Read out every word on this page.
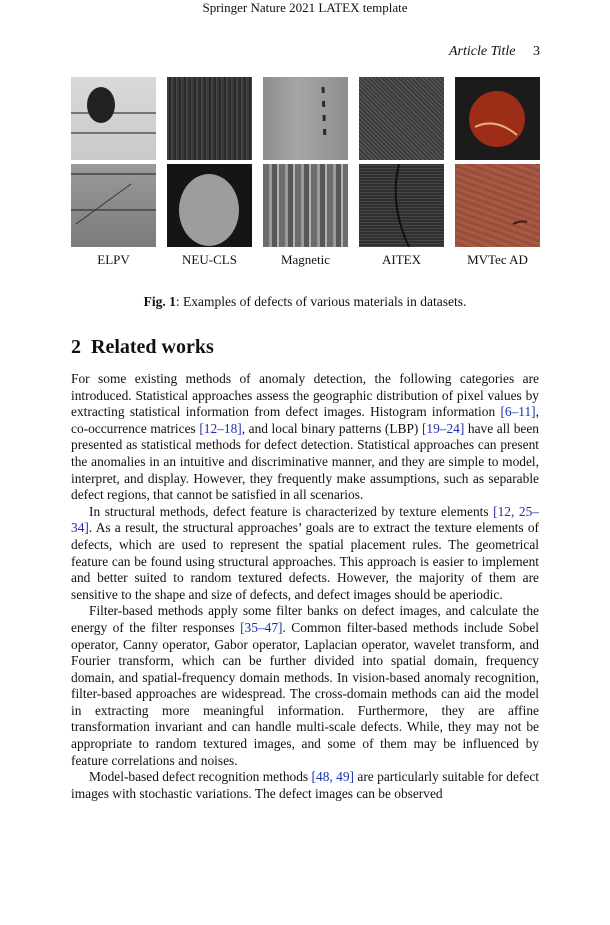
Springer Nature 2021 LATEX template
Article Title 3
ELPV	NEU-CLS	Magnetic	AITEX	MVTec AD
Fig. 1: Examples of defects of various materials in datasets.
2 Related works

For some existing methods of anomaly detection, the following categories are introduced. Statistical approaches assess the geographic distribution of pixel values by extracting statistical information from defect images. Histogram information [6–11], co-occurrence matrices [12–18], and local binary patterns (LBP) [19–24] have all been presented as statistical methods for defect detection. Statistical approaches can present the anomalies in an intuitive and discriminative manner, and they are simple to model, interpret, and display. However, they frequently make assumptions, such as separable defect regions, that cannot be satisfied in all scenarios.

In structural methods, defect feature is characterized by texture elements [12, 25–34]. As a result, the structural approaches’ goals are to extract the texture elements of defects, which are used to represent the spatial placement rules. The geometrical feature can be found using structural approaches. This approach is easier to implement and better suited to random textured defects. However, the majority of them are sensitive to the shape and size of defects, and defect images should be aperiodic.

Filter-based methods apply some filter banks on defect images, and calculate the energy of the filter responses [35–47]. Common filter-based methods include Sobel operator, Canny operator, Gabor operator, Laplacian operator, wavelet transform, and Fourier transform, which can be further divided into spatial domain, frequency domain, and spatial-frequency domain methods. In vision-based anomaly recognition, filter-based approaches are widespread. The cross-domain methods can aid the model in extracting more meaningful information. Furthermore, they are affine transformation invariant and can handle multi-scale defects. While, they may not be appropriate to random textured images, and some of them may be influenced by feature correlations and noises.

Model-based defect recognition methods [48, 49] are particularly suitable for defect images with stochastic variations. The defect images can be observed
